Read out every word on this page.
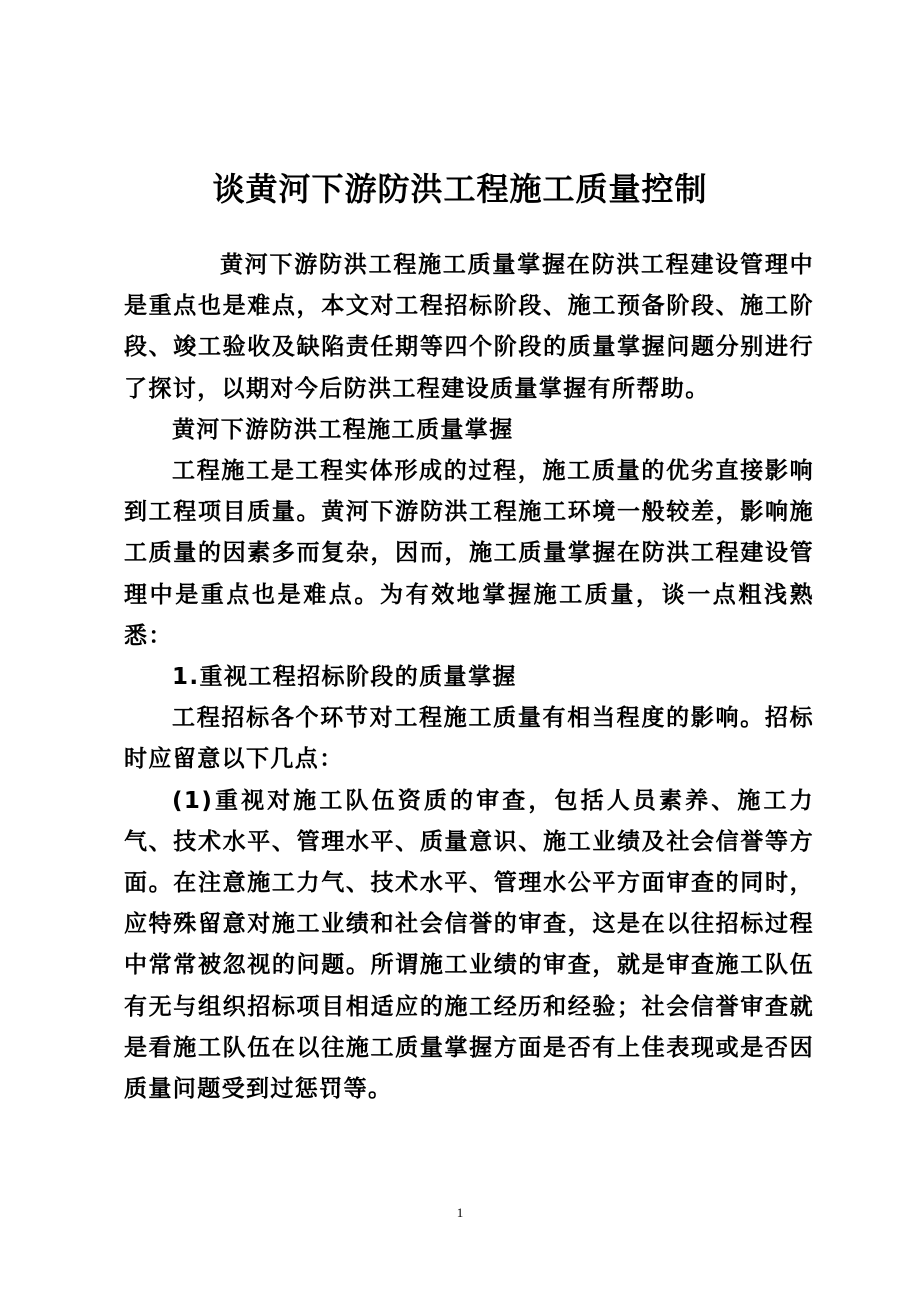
谈黄河下游防洪工程施工质量控制

黄河下游防洪工程施工质量掌握在防洪工程建设管理中是重点也是难点，本文对工程招标阶段、施工预备阶段、施工阶段、竣工验收及缺陷责任期等四个阶段的质量掌握问题分别进行了探讨，以期对今后防洪工程建设质量掌握有所帮助。

黄河下游防洪工程施工质量掌握

工程施工是工程实体形成的过程，施工质量的优劣直接影响到工程项目质量。黄河下游防洪工程施工环境一般较差，影响施工质量的因素多而复杂，因而，施工质量掌握在防洪工程建设管理中是重点也是难点。为有效地掌握施工质量，谈一点粗浅熟悉：

1.重视工程招标阶段的质量掌握

工程招标各个环节对工程施工质量有相当程度的影响。招标时应留意以下几点：

(1)重视对施工队伍资质的审查，包括人员素养、施工力气、技术水平、管理水平、质量意识、施工业绩及社会信誉等方面。在注意施工力气、技术水平、管理水公平方面审查的同时，应特殊留意对施工业绩和社会信誉的审查，这是在以往招标过程中常常被忽视的问题。所谓施工业绩的审查，就是审查施工队伍有无与组织招标项目相适应的施工经历和经验；社会信誉审查就是看施工队伍在以往施工质量掌握方面是否有上佳表现或是否因质量问题受到过惩罚等。

1
